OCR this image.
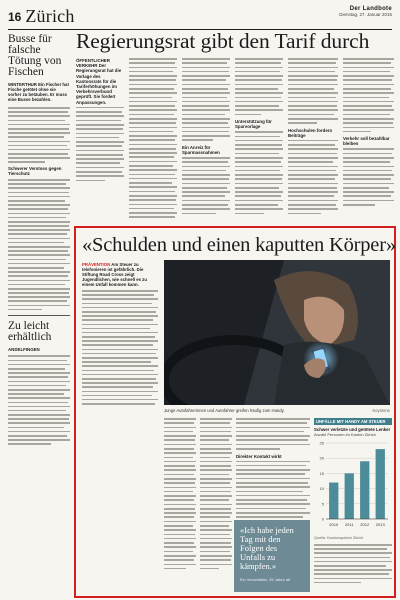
16 Zürich	Der Landbote
Dienstag, 27. Januar 2015
Busse für falsche Tötung von Fischen
WINTERTHUR Ein Fischer hat Fische getötet ohne sie vorher zu betäuben. Er muss eine Busse bezahlen.
Schwerer Verstoss gegen Tierschutz
Zu leicht erhältlich
ANDELFINGEN
Regierungsrat gibt den Tarif durch
ÖFFENTLICHER VERKEHR Der Regierungsrat hat die Vorlage des Kantonsrats für die Tariferhöhungen im Verkehrsverbund geprüft. Sie fordert Anpassungen.
Ein Anreiz für Sparmassnahmen
Unterstützung für Sparvorlage
Hochschulen fordern Beiträge
Verkehr soll bezahlbar bleiben
«Schulden und einen kaputten Körper»
PRÄVENTION Am Steuer zu telefonieren ist gefährlich. Die Stiftung Road Cross zeigt Jugendlichen, wie schnell es zu einem Unfall kommen kann.
Junge Autofahrerinnen und Autofahrer greifen häufig zum Handy.	Keystone
Direkter Kontakt wirkt
«Ich habe jeden Tag mit den Folgen des Unfalls zu kämpfen.»
Ein Verunfallter, 25 Jahre alt
UNFÄLLE MIT HANDY AM STEUER
Schwer verletzte und getötete Lenker
Anzahl Personen im Kanton Zürich
0
5
10
15
20
25
2010 2011 2012 2013
Quelle: Kantonspolizei Zürich
